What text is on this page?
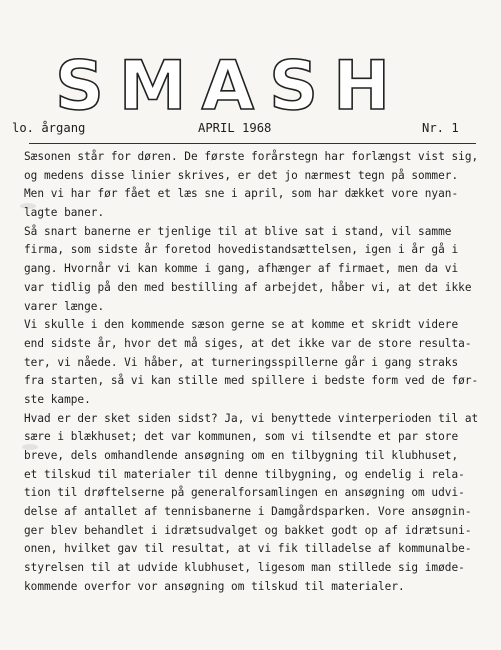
SMASH
lo. årgang	APRIL 1968	Nr. 1
Sæsonen står for døren. De første forårstegn har forlængst vist sig,
og medens disse linier skrives, er det jo nærmest tegn på sommer.
Men vi har før fået et læs sne i april, som har dækket vore nyan-
lagte baner.
Så snart banerne er tjenlige til at blive sat i stand, vil samme
firma, som sidste år foretod hovedistandsættelsen, igen i år gå i
gang. Hvornår vi kan komme i gang, afhænger af firmaet, men da vi
var tidlig på den med bestilling af arbejdet, håber vi, at det ikke
varer længe.
Vi skulle i den kommende sæson gerne se at komme et skridt videre
end sidste år, hvor det må siges, at det ikke var de store resulta-
ter, vi nåede. Vi håber, at turneringsspillerne går i gang straks
fra starten, så vi kan stille med spillere i bedste form ved de før-
ste kampe.
Hvad er der sket siden sidst? Ja, vi benyttede vinterperioden til at
sære i blækhuset; det var kommunen, som vi tilsendte et par store
breve, dels omhandlende ansøgning om en tilbygning til klubhuset,
et tilskud til materialer til denne tilbygning, og endelig i rela-
tion til drøftelserne på generalforsamlingen en ansøgning om udvi-
delse af antallet af tennisbanerne i Damgårdsparken. Vore ansøgnin-
ger blev behandlet i idrætsudvalget og bakket godt op af idrætsuni-
onen, hvilket gav til resultat, at vi fik tilladelse af kommunalbe-
styrelsen til at udvide klubhuset, ligesom man stillede sig imøde-
kommende overfor vor ansøgning om tilskud til materialer.
